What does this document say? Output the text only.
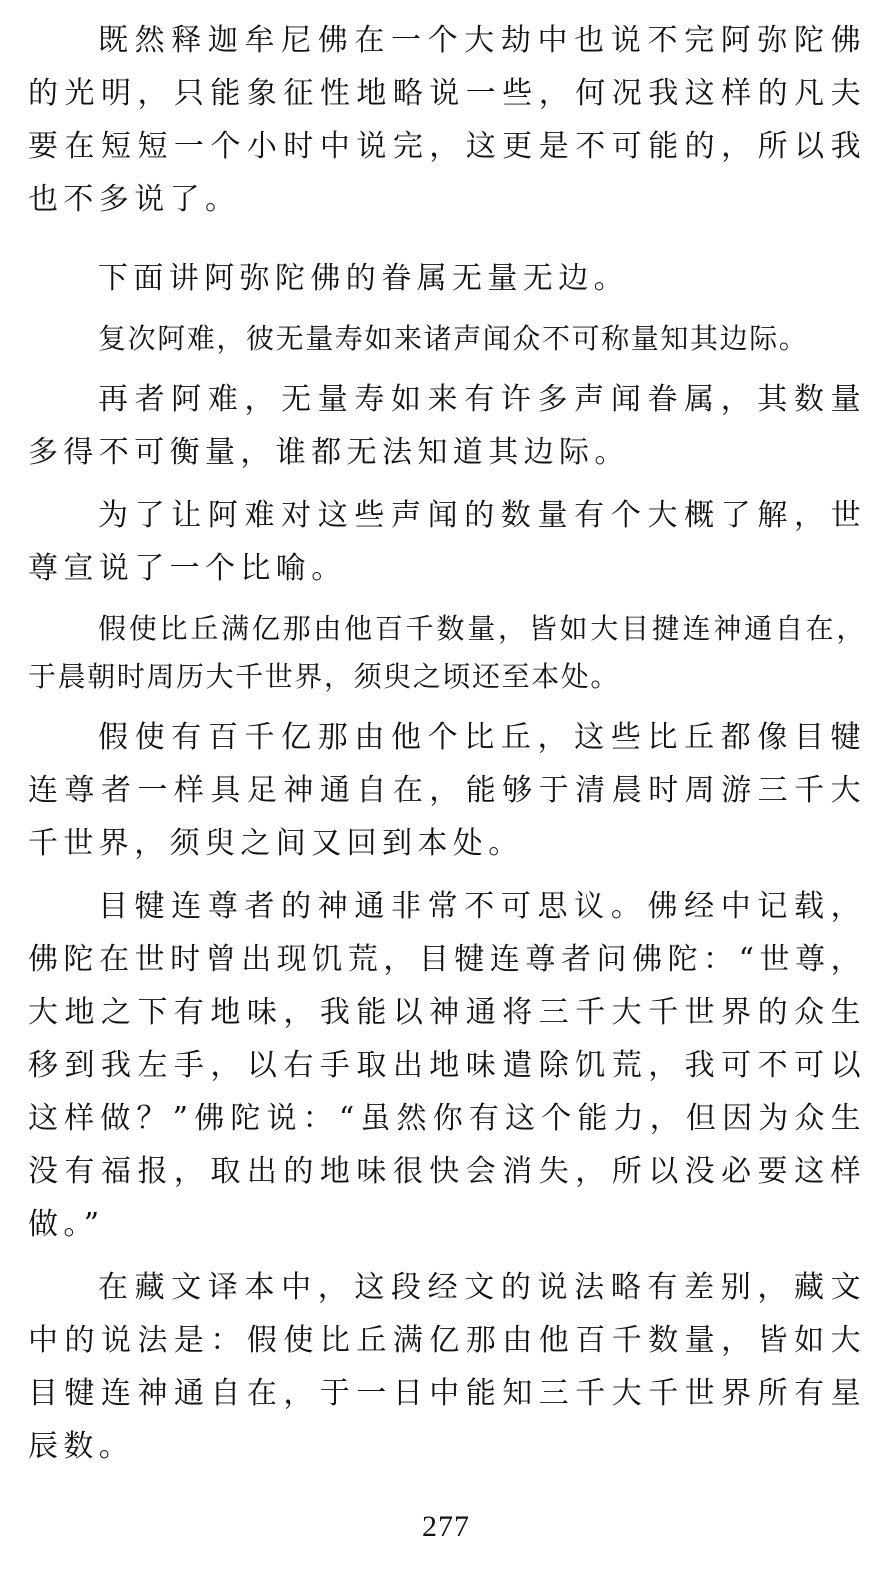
既然释迦牟尼佛在一个大劫中也说不完阿弥陀佛的光明，只能象征性地略说一些，何况我这样的凡夫要在短短一个小时中说完，这更是不可能的，所以我也不多说了。

下面讲阿弥陀佛的眷属无量无边。

复次阿难，彼无量寿如来诸声闻众不可称量知其边际。

再者阿难，无量寿如来有许多声闻眷属，其数量多得不可衡量，谁都无法知道其边际。

为了让阿难对这些声闻的数量有个大概了解，世尊宣说了一个比喻。

假使比丘满亿那由他百千数量，皆如大目揵连神通自在，于晨朝时周历大千世界，须臾之顷还至本处。

假使有百千亿那由他个比丘，这些比丘都像目犍连尊者一样具足神通自在，能够于清晨时周游三千大千世界，须臾之间又回到本处。

目犍连尊者的神通非常不可思议。佛经中记载，佛陀在世时曾出现饥荒，目犍连尊者问佛陀：“世尊，大地之下有地味，我能以神通将三千大千世界的众生移到我左手，以右手取出地味遣除饥荒，我可不可以这样做？”佛陀说：“虽然你有这个能力，但因为众生没有福报，取出的地味很快会消失，所以没必要这样做。”

在藏文译本中，这段经文的说法略有差别，藏文中的说法是：假使比丘满亿那由他百千数量，皆如大目犍连神通自在，于一日中能知三千大千世界所有星辰数。

277
